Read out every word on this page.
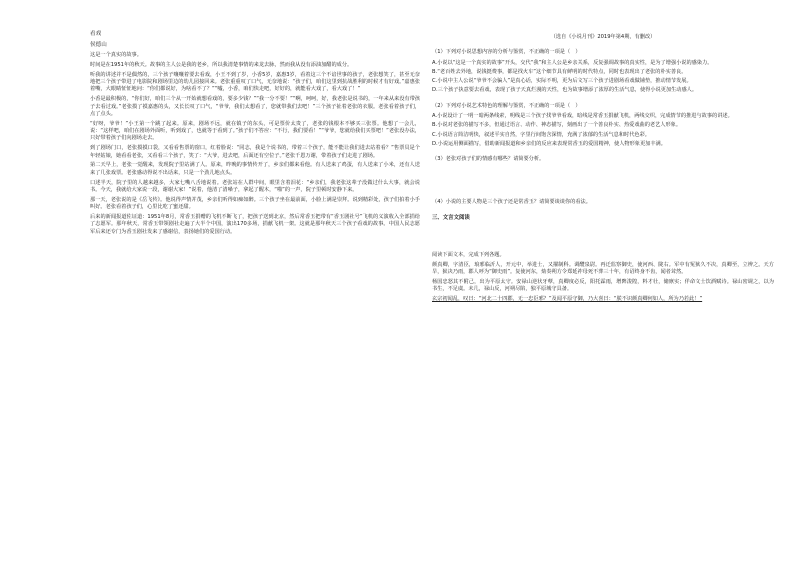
看戏
侯德山

这是一个真实的故事。

时间是在1951年的秋天。故事的主人公是我的老乡，所以我清楚事情的来龙去脉，然而我从没有添油加醋的成分。

听我的讲述并不是偶然的，三个孩子嚷嚷着要去看戏，小王不到了岁，小香5岁，嘉惠3岁，看着这三个不谙世事的孩子，老张想笑了，甚至无奈地把三个孩子带进了电影院和剧场里边的幼儿园接回来。老张重重叹了口气，无奈地说：“孩子们，咱们这里到抗战胜利的时候才有好戏。”嘉惠张着嘴，大眼睛怔怔地问：“你们都说好，为啥看不了？”“嘘，小香，咱们快走吧，好好的，就能看大戏了，看大戏了！”

小香是最积极的，“你们好，咱们三个从一开始就想看戏的，要多少钱？”“我一分不要！”“啊，呵呵，好，我老张是说书的，一年来从来没有带孩子去看过戏。”老张摸了摸嘉惠的头，又长长叹了口气，“爷爷，我们太想看了，您就带我们去吧！”三个孩子扯着老张的衣服。老张看着孩子们，点了点头。

“好呀，爷爷！”小王第一个跳了起来。原来，剧场不远，就在镇子的东头，可是票价太贵了，老张的钱根本不够买三张票。他想了一会儿，说：“这样吧，咱们在剧场外面听，听到戏了，也就等于看到了。”孩子们不答应：“不行，我们要看！”“爷爷，您就给我们买票吧！”老张没办法，只好带着孩子们向剧场走去。

到了剧场门口，老张摸摸口袋，又看看售票的窗口，红着脸说：“同志，我是个说书的，带着三个孩子，能不能让我们进去站着看？”售票员是个年轻姑娘，她看看老张，又看看三个孩子，笑了：“大爷，进去吧，后面还有空位子。”老张千恩万谢，带着孩子们走进了剧场。

第二天早上，老张一觉醒来，发现院子里站满了人。原来，昨晚的事情传开了，乡亲们都来看他。有人送来了鸡蛋，有人送来了小米，还有人送来了几张戏票。老张感动得说不出话来，只是一个劲儿地点头。

口述半天，院子里的人越来越多，大家七嘴八舌地说着。老张站在人群中间，眼里含着泪花：“乡亲们，我老张这辈子没做过什么大事，就会说书。今天，我就给大家说一段，谢谢大家！”说着，他清了清嗓子，拿起了醒木，“啪”的一声，院子里顿时安静下来。

那一天，老张说的是《岳飞传》。他说得声情并茂，乡亲们听得如痴如醉。三个孩子坐在最前面，小脸上满是崇拜。说到精彩处，孩子们拍着小手叫好。老张看着孩子们，心里比吃了蜜还甜。

后来的新闻报道佐证道：1951年8月，常香玉捐赠的飞机不断飞了，把孩子送到北京，然后常香玉把带有“香玉剧社号”飞机的义演收入全部捐给了志愿军。那年秋天，常香玉带领剧社走遍了大半个中国，演出170多场，捐献飞机一架。这就是那年秋天三个孩子看戏的故事。中国人民志愿军后来还专门为香玉剧社发来了感谢信，表扬她们的爱国行动。

（选自《小说月刊》2019年第4期，有删改）
（1）下列对小说思想内容的分析与鉴赏，不正确的一项是（　）

A.小说以“这是一个真实的故事”开头，交代“我”和主人公是乡亲关系，反复强调故事的真实性，是为了增强小说的感染力。

B.“老百姓去外地，说钱挺费事，都是找火车”这个细节具有鲜明的时代特点，同时也表现出了老张的朴实善良。

C.小说中主人公说“爷爷不会骗人”是真心话，实际不明，更为后文写三个孩子进剧场看戏做铺垫，推动情节发展。

D.三个孩子执意要去看戏，表现了孩子天真烂漫的天性，也为故事增添了浓厚的生活气息，使得小说更加生动感人。

（2）下列对小说艺术特色的理解与鉴赏，不正确的一项是（　）

A.小说设计了一明一暗两条线索，明线是三个孩子找爷爷看戏，暗线是常香玉捐献飞机，两线交织，完成情节的推进与故事的讲述。

B.小说对老张的描写不多，但通过语言、动作、神态描写，刻画出了一个善良朴实、热爱戏曲的老艺人形象。

C.小说语言简洁明快，叙述平实自然，字里行间饱含深情，充满了浓郁的生活气息和时代色彩。

D.小说运用侧面描写，借助新闻报道和乡亲们的反应来表现常香玉的爱国精神，使人物形象更加丰满。

（3）老张对孩子们的情感有哪些？请简要分析。
（4）小说的主要人物是三个孩子还是常香玉？请简要谈谈你的看法。
三、文言文阅读

阅读下面文本，完成下列各题。

颜真卿，字清臣，琅邪临沂人，开元中，举进士，又擢制科。调醴泉尉。再迁监察御史，使河西、陇右。军中有冤狱久不决，真卿至，立辨之。天方旱，狱决乃雨，郡人呼为“御史雨”。复使河东，劾奏朔方令郑延祚母死不葬三十年，有诏终身不齿，闻者耸然。

杨国忠怒其不附己，出为平原太守。安禄山逆状牙孽，真卿度必反，阳托霖雨，增陴浚隍，料才壮，储廪实；佯命文士饮酒赋诗。禄山密觇之，以为书生，不足虞。未几，禄山反，河朔尽陷，独平原城守具备。

玄宗初闻乱，叹曰：“河北二十四郡，无一忠臣邪？”及闻平原守御，乃大喜曰：“朕不识颜真卿何如人，所为乃若此！”
